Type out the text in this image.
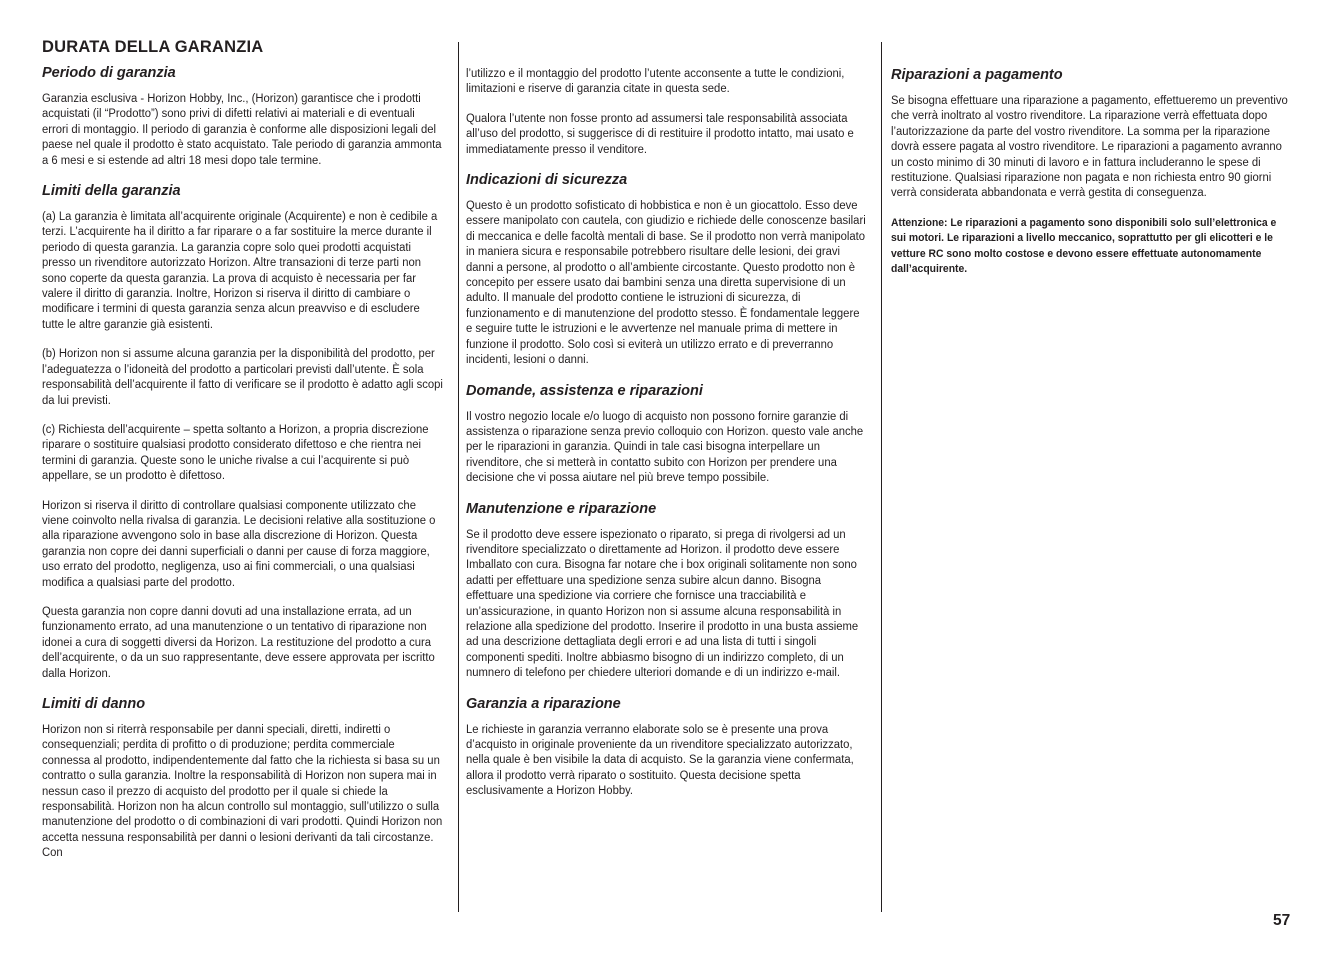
DURATA DELLA GARANZIA
Periodo di garanzia

Garanzia esclusiva - Horizon Hobby, Inc., (Horizon) garantisce che i prodotti acquistati (il “Prodotto”) sono privi di difetti relativi ai materiali e di eventuali errori di montaggio. Il periodo di garanzia è conforme alle disposizioni legali del paese nel quale il prodotto è stato acquistato. Tale periodo di garanzia ammonta a 6 mesi e si estende ad altri 18 mesi dopo tale termine.

Limiti della garanzia

(a) La garanzia è limitata all’acquirente originale (Acquirente) e non è cedibile a terzi. L’acquirente ha il diritto a far riparare o a far sostituire la merce durante il periodo di questa garanzia. La garanzia copre solo quei prodotti acquistati presso un rivenditore autorizzato Horizon. Altre transazioni di terze parti non sono coperte da questa garanzia. La prova di acquisto è necessaria per far valere il diritto di garanzia. Inoltre, Horizon si riserva il diritto di cambiare o modificare i termini di questa garanzia senza alcun preavviso e di escludere tutte le altre garanzie già esistenti.

(b) Horizon non si assume alcuna garanzia per la disponibilità del prodotto, per l’adeguatezza o l’idoneità del prodotto a particolari previsti dall’utente. È sola responsabilità dell’acquirente il fatto di verificare se il prodotto è adatto agli scopi da lui previsti.

(c) Richiesta dell’acquirente – spetta soltanto a Horizon, a propria discrezione riparare o sostituire qualsiasi prodotto considerato difettoso e che rientra nei termini di garanzia. Queste sono le uniche rivalse a cui l’acquirente si può appellare, se un prodotto è difettoso.

Horizon si riserva il diritto di controllare qualsiasi componente utilizzato che viene coinvolto nella rivalsa di garanzia. Le decisioni relative alla sostituzione o alla riparazione avvengono solo in base alla discrezione di Horizon. Questa garanzia non copre dei danni superficiali o danni per cause di forza maggiore, uso errato del prodotto, negligenza, uso ai fini commerciali, o una qualsiasi modifica a qualsiasi parte del prodotto.

Questa garanzia non copre danni dovuti ad una installazione errata, ad un funzionamento errato, ad una manutenzione o un tentativo di riparazione non idonei a cura di soggetti diversi da Horizon. La restituzione del prodotto a cura dell’acquirente, o da un suo rappresentante, deve essere approvata per iscritto dalla Horizon.

Limiti di danno

Horizon non si riterrà responsabile per danni speciali, diretti, indiretti o consequenziali; perdita di profitto o di produzione; perdita commerciale connessa al prodotto, indipendentemente dal fatto che la richiesta si basa su un contratto o sulla garanzia. Inoltre la responsabilità di Horizon non supera mai in nessun caso il prezzo di acquisto del prodotto per il quale si chiede la responsabilità. Horizon non ha alcun controllo sul montaggio, sull’utilizzo o sulla manutenzione del prodotto o di combinazioni di vari prodotti. Quindi Horizon non accetta nessuna responsabilità per danni o lesioni derivanti da tali circostanze. Con

l’utilizzo e il montaggio del prodotto l’utente acconsente a tutte le condizioni, limitazioni e riserve di garanzia citate in questa sede.

Qualora l’utente non fosse pronto ad assumersi tale responsabilità associata all’uso del prodotto, si suggerisce di di restituire il prodotto intatto, mai usato e immediatamente presso il venditore.

Indicazioni di sicurezza

Questo è un prodotto sofisticato di hobbistica e non è un giocattolo. Esso deve essere manipolato con cautela, con giudizio e richiede delle conoscenze basilari di meccanica e delle facoltà mentali di base. Se il prodotto non verrà manipolato in maniera sicura e responsabile potrebbero risultare delle lesioni, dei gravi danni a persone, al prodotto o all’ambiente circostante. Questo prodotto non è concepito per essere usato dai bambini senza una diretta supervisione di un adulto. Il manuale del prodotto contiene le istruzioni di sicurezza, di funzionamento e di manutenzione del prodotto stesso. È fondamentale leggere e seguire tutte le istruzioni e le avvertenze nel manuale prima di mettere in funzione il prodotto. Solo così si eviterà un utilizzo errato e di preverranno incidenti, lesioni o danni.

Domande, assistenza e riparazioni

Il vostro negozio locale e/o luogo di acquisto non possono fornire garanzie di assistenza o riparazione senza previo colloquio con Horizon. questo vale anche per le riparazioni in garanzia. Quindi in tale casi bisogna interpellare un rivenditore, che si metterà in contatto subito con Horizon per prendere una decisione che vi possa aiutare nel più breve tempo possibile.

Manutenzione e riparazione

Se il prodotto deve essere ispezionato o riparato, si prega di rivolgersi ad un rivenditore specializzato o direttamente ad Horizon. il prodotto deve essere Imballato con cura. Bisogna far notare che i box originali solitamente non sono adatti per effettuare una spedizione senza subire alcun danno. Bisogna effettuare una spedizione via corriere che fornisce una tracciabilità e un’assicurazione, in quanto Horizon non si assume alcuna responsabilità in relazione alla spedizione del prodotto. Inserire il prodotto in una busta assieme ad una descrizione dettagliata degli errori e ad una lista di tutti i singoli componenti spediti. Inoltre abbiasmo bisogno di un indirizzo completo, di un numnero di telefono per chiedere ulteriori domande e di un indirizzo e-mail.

Garanzia a riparazione

Le richieste in garanzia verranno elaborate solo se è presente una prova d’acquisto in originale proveniente da un rivenditore specializzato autorizzato, nella quale è ben visibile la data di acquisto. Se la garanzia viene confermata, allora il prodotto verrà riparato o sostituito. Questa decisione spetta esclusivamente a Horizon Hobby.

Riparazioni a pagamento

Se bisogna effettuare una riparazione a pagamento, effettueremo un preventivo che verrà inoltrato al vostro rivenditore. La riparazione verrà effettuata dopo l’autorizzazione da parte del vostro rivenditore. La somma per la riparazione dovrà essere pagata al vostro rivenditore. Le riparazioni a pagamento avranno un costo minimo di 30 minuti di lavoro e in fattura includeranno le spese di restituzione. Qualsiasi riparazione non pagata e non richiesta entro 90 giorni verrà considerata abbandonata e verrà gestita di conseguenza.

Attenzione: Le riparazioni a pagamento sono disponibili solo sull’elettronica e sui motori. Le riparazioni a livello meccanico, soprattutto per gli elicotteri e le vetture RC sono molto costose e devono essere effettuate autonomamente dall’acquirente.

57
